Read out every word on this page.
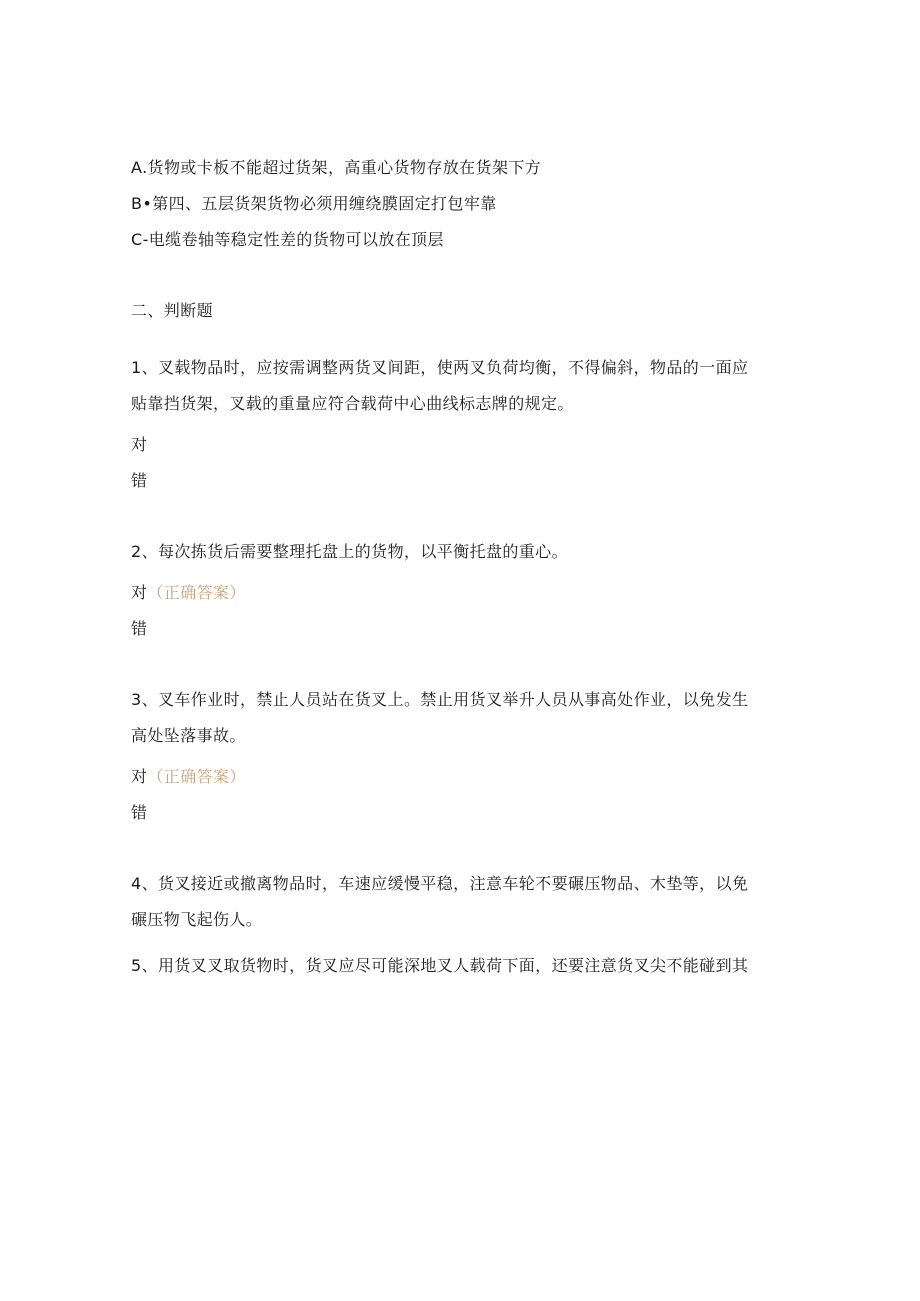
A.货物或卡板不能超过货架，高重心货物存放在货架下方
B•第四、五层货架货物必须用缠绕膜固定打包牢靠
C-电缆卷轴等稳定性差的货物可以放在顶层
二、判断题
1、叉载物品时，应按需调整两货叉间距，使两叉负荷均衡，不得偏斜，物品的一面应
贴靠挡货架，叉载的重量应符合载荷中心曲线标志牌的规定。
对
错
2、每次拣货后需要整理托盘上的货物，以平衡托盘的重心。
对（正确答案）
错
3、叉车作业时，禁止人员站在货叉上。禁止用货叉举升人员从事高处作业，以免发生
高处坠落事故。
对（正确答案）
错
4、货叉接近或撤离物品时，车速应缓慢平稳，注意车轮不要碾压物品、木垫等，以免
碾压物飞起伤人。
5、用货叉叉取货物时，货叉应尽可能深地叉人载荷下面，还要注意货叉尖不能碰到其
